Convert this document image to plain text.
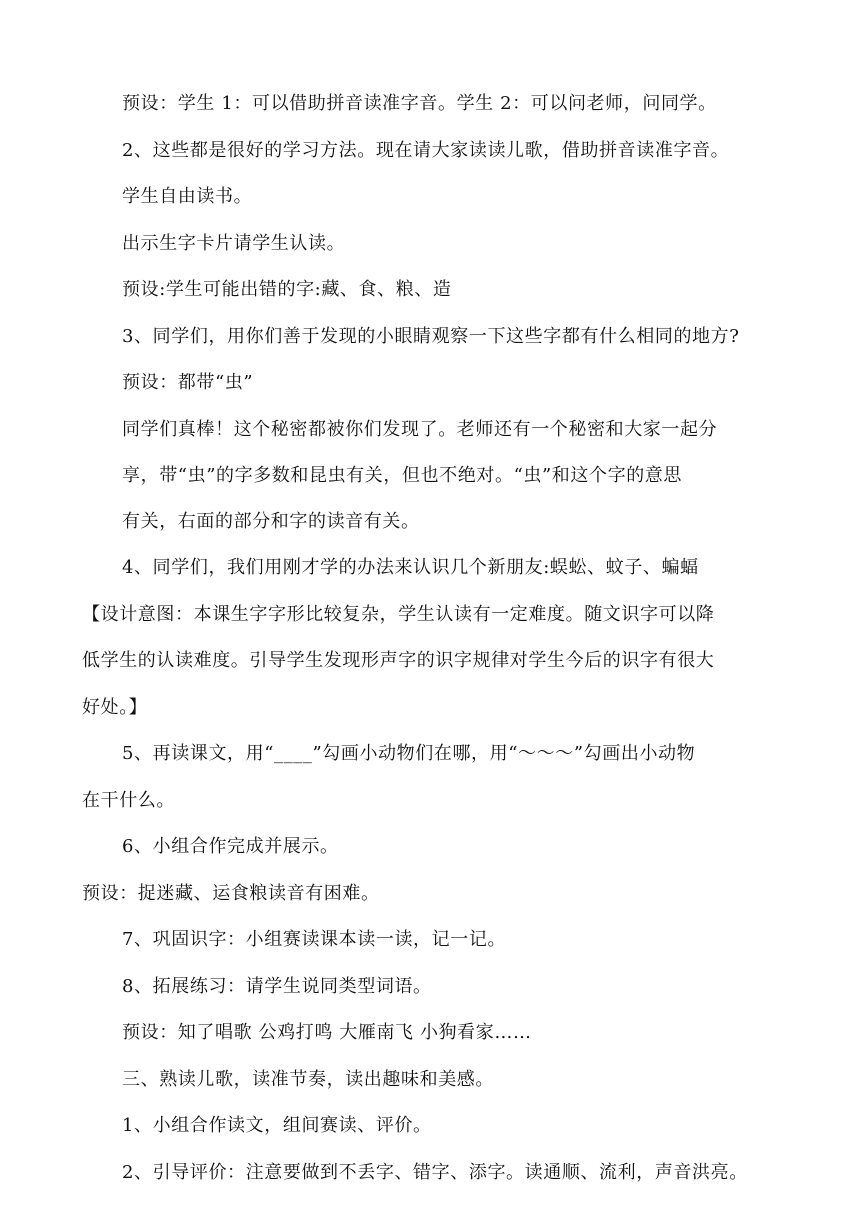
预设：学生 1：可以借助拼音读准字音。学生 2：可以问老师，问同学。
2、这些都是很好的学习方法。现在请大家读读儿歌，借助拼音读准字音。
学生自由读书。
出示生字卡片请学生认读。
预设:学生可能出错的字:藏、食、粮、造
3、同学们，用你们善于发现的小眼睛观察一下这些字都有什么相同的地方?
预设：都带“虫”
同学们真棒！这个秘密都被你们发现了。老师还有一个秘密和大家一起分
享，带“虫”的字多数和昆虫有关，但也不绝对。“虫”和这个字的意思
有关，右面的部分和字的读音有关。
4、同学们，我们用刚才学的办法来认识几个新朋友:蜈蚣、蚊子、蝙蝠
【设计意图：本课生字字形比较复杂，学生认读有一定难度。随文识字可以降
低学生的认读难度。引导学生发现形声字的识字规律对学生今后的识字有很大
好处。】
5、再读课文，用“____”勾画小动物们在哪，用“～～～”勾画出小动物
在干什么。
6、小组合作完成并展示。
预设：捉迷藏、运食粮读音有困难。
7、巩固识字：小组赛读课本读一读，记一记。
8、拓展练习：请学生说同类型词语。
预设：知了唱歌 公鸡打鸣 大雁南飞 小狗看家……
三、熟读儿歌，读准节奏，读出趣味和美感。
1、小组合作读文，组间赛读、评价。
2、引导评价：注意要做到不丢字、错字、添字。读通顺、流利，声音洪亮。
